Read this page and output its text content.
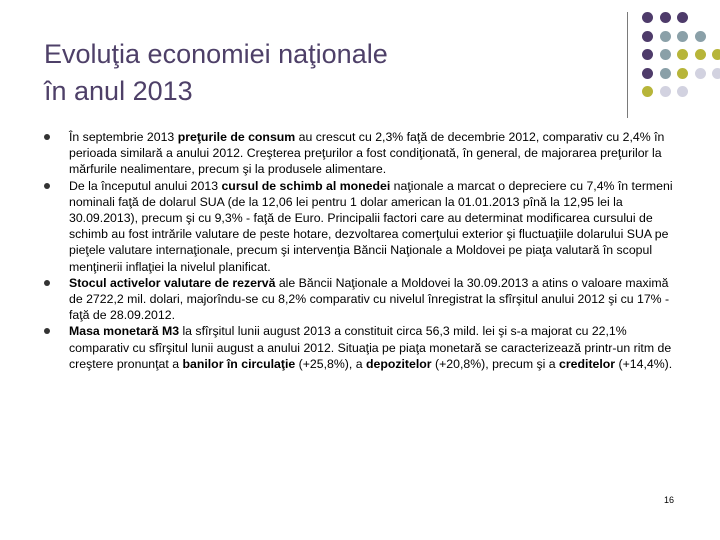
Evoluţia economiei naţionale
în anul 2013
În septembrie 2013 preţurile de consum au crescut cu 2,3% faţă de decembrie 2012, comparativ cu 2,4% în perioada similară a anului 2012. Creşterea preţurilor a fost condiţionată, în general, de majorarea preţurilor la mărfurile nealimentare, precum şi la produsele alimentare.
De la începutul anului 2013 cursul de schimb al monedei naţionale a marcat o depreciere cu 7,4% în termeni nominali faţă de dolarul SUA (de la 12,06 lei pentru 1 dolar american la 01.01.2013 pînă la 12,95 lei la 30.09.2013), precum şi cu 9,3% - faţă de Euro. Principalii factori care au determinat modificarea cursului de schimb au fost intrările valutare de peste hotare, dezvoltarea comerţului exterior şi fluctuaţiile dolarului SUA pe pieţele valutare internaţionale, precum şi intervenţia Băncii Naţionale a Moldovei pe piaţa valutară în scopul menţinerii inflaţiei la nivelul planificat.
Stocul activelor valutare de rezervă ale Băncii Naţionale a Moldovei la 30.09.2013 a atins o valoare maximă de 2722,2 mil. dolari, majorîndu-se cu 8,2% comparativ cu nivelul înregistrat la sfîrşitul anului 2012 şi cu 17% - faţă de 28.09.2012.
Masa monetară M3 la sfîrşitul lunii august 2013 a constituit circa 56,3 mild. lei şi s-a majorat cu 22,1% comparativ cu sfîrşitul lunii august a anului 2012. Situaţia pe piaţa monetară se caracterizează printr-un ritm de creştere pronunţat a banilor în circulaţie (+25,8%), a depozitelor (+20,8%), precum şi a creditelor (+14,4%).
16
